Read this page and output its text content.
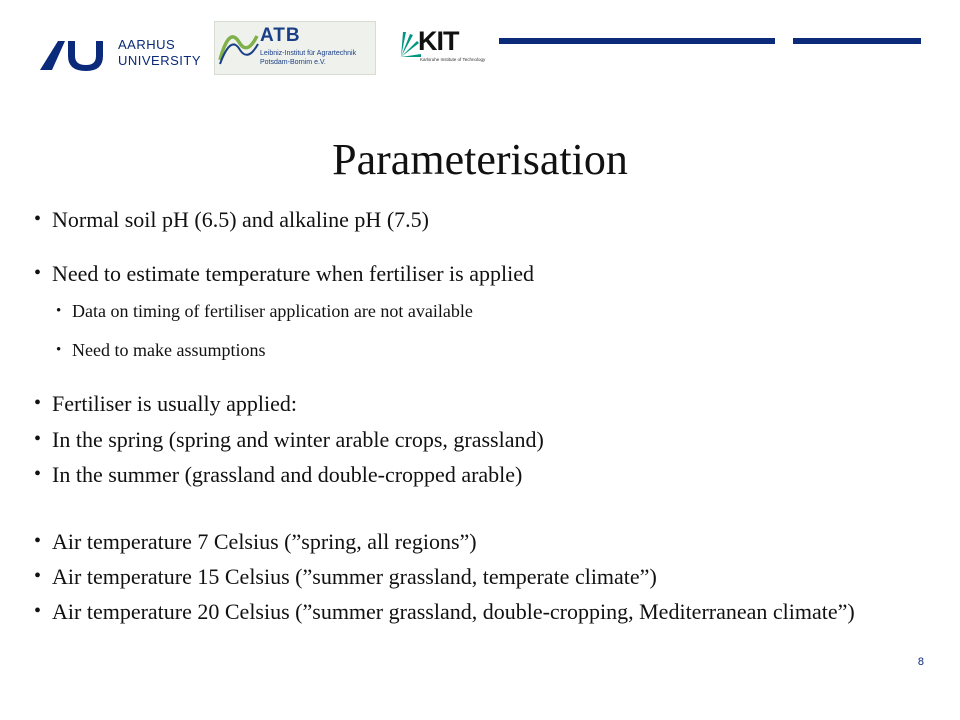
AARHUS
UNIVERSITY
ATB
Leibniz-Institut für Agrartechnik
Potsdam-Bornim e.V.
KIT
Karlsruhe Institute of Technology
Parameterisation
• Normal soil pH (6.5) and alkaline pH (7.5)
• Need to estimate temperature when fertiliser is applied
• Data on timing of fertiliser application are not available
• Need to make assumptions
• Fertiliser is usually applied:
• In the spring (spring and winter arable crops, grassland)
• In the summer (grassland and double-cropped arable)
• Air temperature 7 Celsius (”spring, all regions”)
• Air temperature 15 Celsius (”summer grassland, temperate climate”)
• Air temperature 20 Celsius (”summer grassland, double-cropping, Mediterranean climate”)
8
